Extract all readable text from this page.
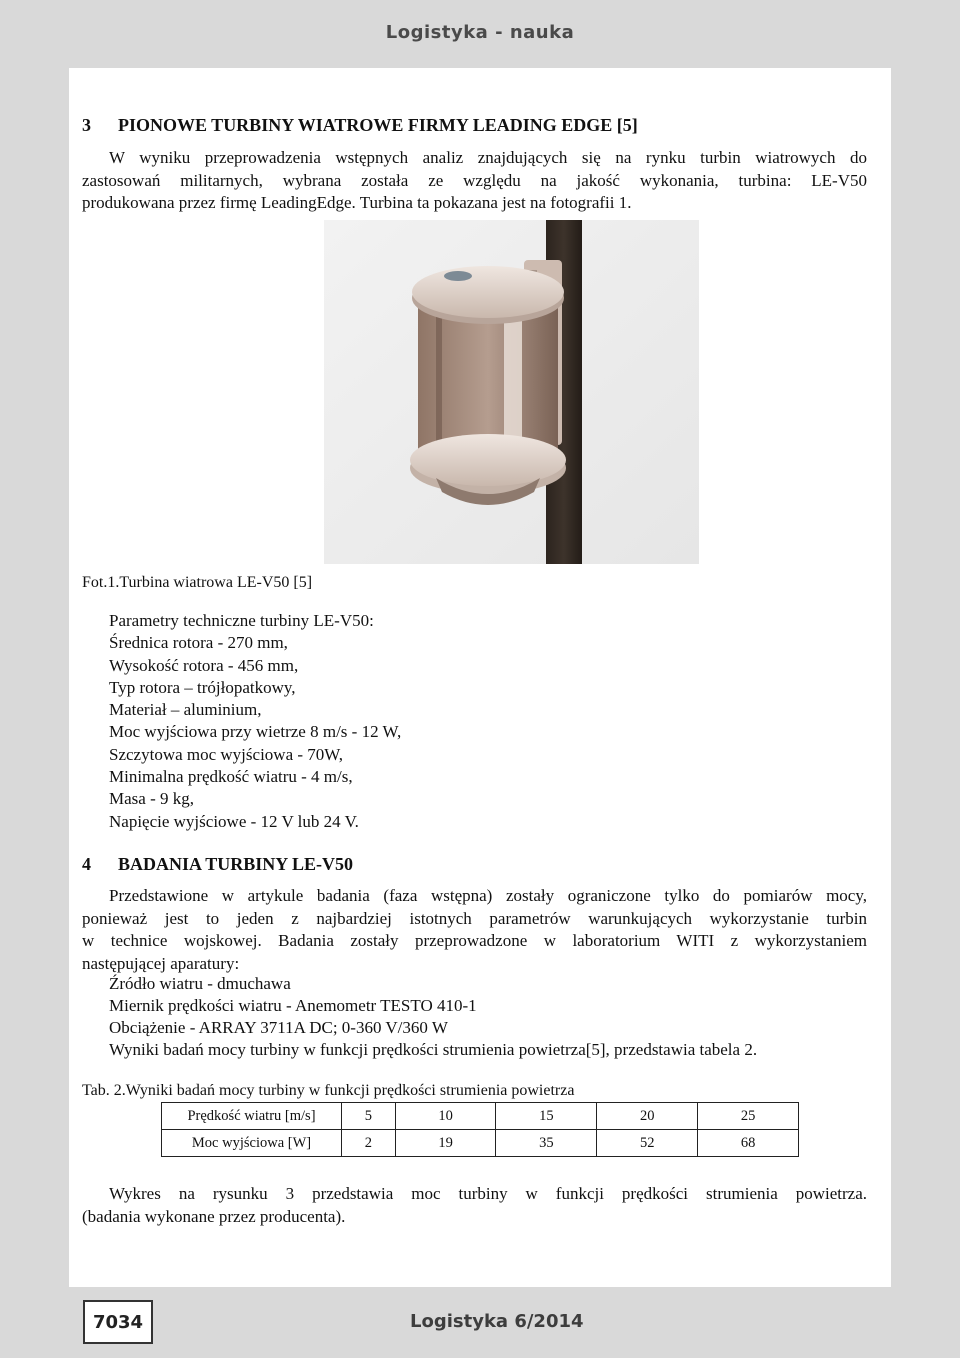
Logistyka - nauka
3 PIONOWE TURBINY WIATROWE FIRMY LEADING EDGE [5]
W wyniku przeprowadzenia wstępnych analiz znajdujących się na rynku turbin wiatrowych do
zastosowań militarnych, wybrana została ze względu na jakość wykonania, turbina: LE-V50
produkowana przez firmę LeadingEdge. Turbina ta pokazana jest na fotografii 1.
Fot.1.Turbina wiatrowa LE-V50 [5]
Parametry techniczne turbiny LE-V50:
Średnica rotora - 270 mm,
Wysokość rotora - 456 mm,
Typ rotora – trójłopatkowy,
Materiał – aluminium,
Moc wyjściowa przy wietrze 8 m/s - 12 W,
Szczytowa moc wyjściowa - 70W,
Minimalna prędkość wiatru - 4 m/s,
Masa - 9 kg,
Napięcie wyjściowe - 12 V lub 24 V.
4 BADANIA TURBINY LE-V50
Przedstawione w artykule badania (faza wstępna) zostały ograniczone tylko do pomiarów mocy,
ponieważ jest to jeden z najbardziej istotnych parametrów warunkujących wykorzystanie turbin
w technice wojskowej. Badania zostały przeprowadzone w laboratorium WITI z wykorzystaniem
następującej aparatury:
Źródło wiatru - dmuchawa
Miernik prędkości wiatru - Anemometr TESTO 410-1
Obciążenie - ARRAY 3711A DC; 0-360 V/360 W
Wyniki badań mocy turbiny w funkcji prędkości strumienia powietrza[5], przedstawia tabela 2.
Tab. 2.Wyniki badań mocy turbiny w funkcji prędkości strumienia powietrza
Prędkość wiatru [m/s]	5	10	15	20	25
Moc wyjściowa [W]	2	19	35	52	68
Wykres na rysunku 3 przedstawia moc turbiny w funkcji prędkości strumienia powietrza.
(badania wykonane przez producenta).
7034	Logistyka 6/2014
